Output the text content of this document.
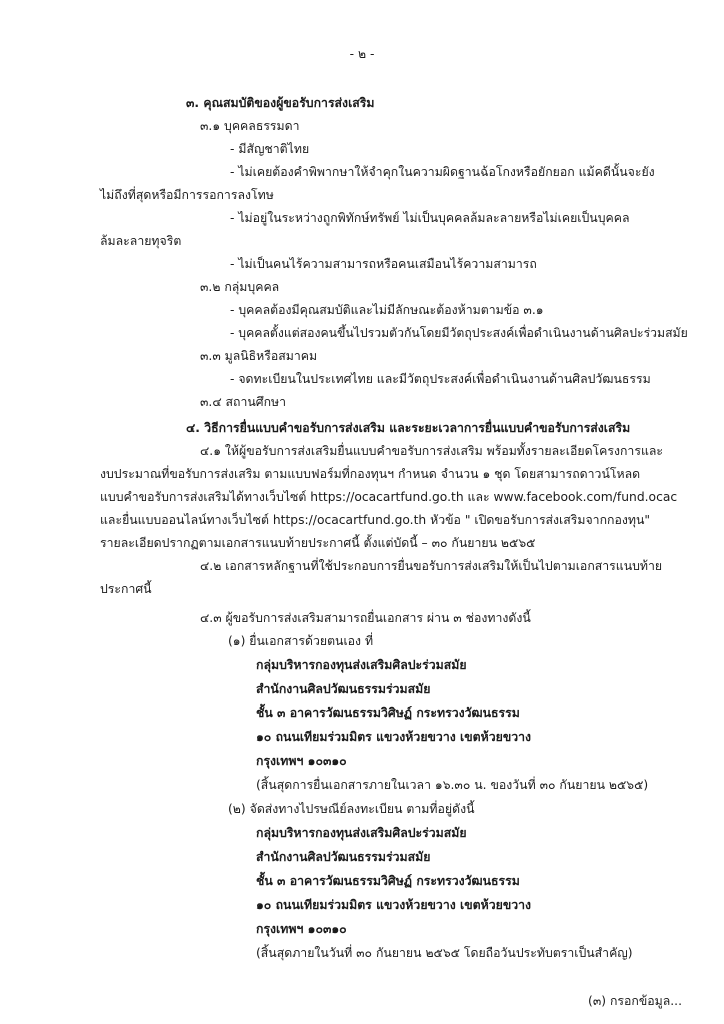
- ๒ -
๓. คุณสมบัติของผู้ขอรับการส่งเสริม
๓.๑ บุคคลธรรมดา
- มีสัญชาติไทย
- ไม่เคยต้องคำพิพากษาให้จำคุกในความผิดฐานฉ้อโกงหรือยักยอก แม้คดีนั้นจะยัง
ไม่ถึงที่สุดหรือมีการรอการลงโทษ
- ไม่อยู่ในระหว่างถูกพิทักษ์ทรัพย์ ไม่เป็นบุคคลล้มละลายหรือไม่เคยเป็นบุคคล
ล้มละลายทุจริต
- ไม่เป็นคนไร้ความสามารถหรือคนเสมือนไร้ความสามารถ
๓.๒ กลุ่มบุคคล
- บุคคลต้องมีคุณสมบัติและไม่มีลักษณะต้องห้ามตามข้อ ๓.๑
- บุคคลตั้งแต่สองคนขึ้นไปรวมตัวกันโดยมีวัตถุประสงค์เพื่อดำเนินงานด้านศิลปะร่วมสมัย
๓.๓ มูลนิธิหรือสมาคม
- จดทะเบียนในประเทศไทย และมีวัตถุประสงค์เพื่อดำเนินงานด้านศิลปวัฒนธรรม
๓.๔ สถานศึกษา
๔. วิธีการยื่นแบบคำขอรับการส่งเสริม และระยะเวลาการยื่นแบบคำขอรับการส่งเสริม
๔.๑ ให้ผู้ขอรับการส่งเสริมยื่นแบบคำขอรับการส่งเสริม พร้อมทั้งรายละเอียดโครงการและ
งบประมาณที่ขอรับการส่งเสริม ตามแบบฟอร์มที่กองทุนฯ กำหนด จำนวน ๑ ชุด โดยสามารถดาวน์โหลด
แบบคำขอรับการส่งเสริมได้ทางเว็บไซต์ https://ocacartfund.go.th และ www.facebook.com/fund.ocac
และยื่นแบบออนไลน์ทางเว็บไซต์ https://ocacartfund.go.th หัวข้อ " เปิดขอรับการส่งเสริมจากกองทุน"
รายละเอียดปรากฏตามเอกสารแนบท้ายประกาศนี้ ตั้งแต่บัดนี้ – ๓๐ กันยายน ๒๕๖๕
๔.๒ เอกสารหลักฐานที่ใช้ประกอบการยื่นขอรับการส่งเสริมให้เป็นไปตามเอกสารแนบท้าย
ประกาศนี้
๔.๓ ผู้ขอรับการส่งเสริมสามารถยื่นเอกสาร ผ่าน ๓ ช่องทางดังนี้
(๑) ยื่นเอกสารด้วยตนเอง ที่
กลุ่มบริหารกองทุนส่งเสริมศิลปะร่วมสมัย
สำนักงานศิลปวัฒนธรรมร่วมสมัย
ชั้น ๓ อาคารวัฒนธรรมวิศิษฏ์ กระทรวงวัฒนธรรม
๑๐ ถนนเทียมร่วมมิตร แขวงห้วยขวาง เขตห้วยขวาง
กรุงเทพฯ ๑๐๓๑๐
(สิ้นสุดการยื่นเอกสารภายในเวลา ๑๖.๓๐ น. ของวันที่ ๓๐ กันยายน ๒๕๖๕)
(๒) จัดส่งทางไปรษณีย์ลงทะเบียน ตามที่อยู่ดังนี้
กลุ่มบริหารกองทุนส่งเสริมศิลปะร่วมสมัย
สำนักงานศิลปวัฒนธรรมร่วมสมัย
ชั้น ๓ อาคารวัฒนธรรมวิศิษฏ์ กระทรวงวัฒนธรรม
๑๐ ถนนเทียมร่วมมิตร แขวงห้วยขวาง เขตห้วยขวาง
กรุงเทพฯ ๑๐๓๑๐
(สิ้นสุดภายในวันที่ ๓๐ กันยายน ๒๕๖๕ โดยถือวันประทับตราเป็นสำคัญ)
(๓) กรอกข้อมูล...
